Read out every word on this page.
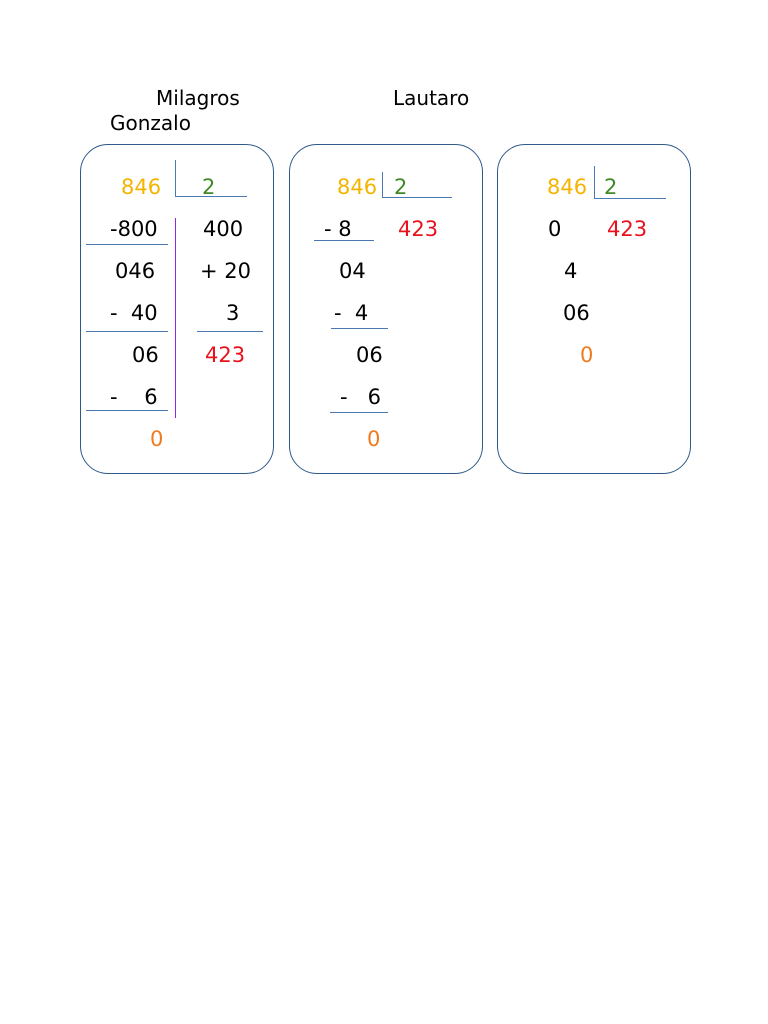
Milagros	Lautaro
Gonzalo
846 2
-800
046
-  40
06
-    6
0
400
+ 20
3
423
846 2
- 8 423
04
-  4
06
-   6
0
846 2
0 423
4
06
0
